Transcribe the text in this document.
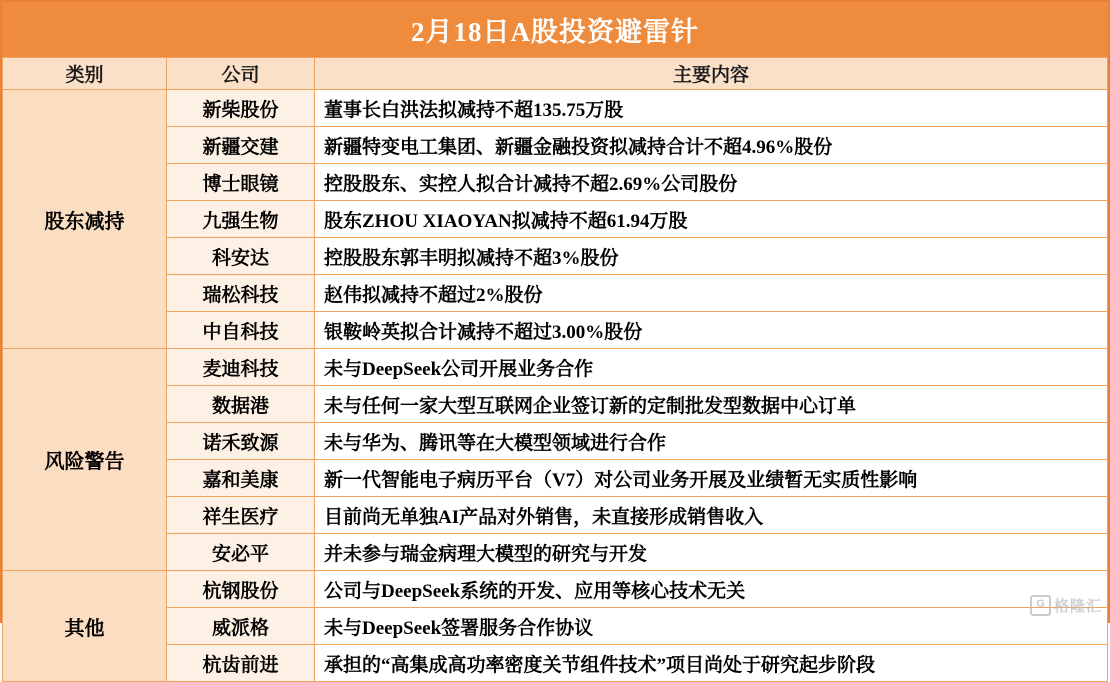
2月18日A股投资避雷针
类别	公司	主要内容
股东减持	新柴股份	董事长白洪法拟减持不超135.75万股
	新疆交建	新疆特变电工集团、新疆金融投资拟减持合计不超4.96%股份
	博士眼镜	控股股东、实控人拟合计减持不超2.69%公司股份
	九强生物	股东ZHOU XIAOYAN拟减持不超61.94万股
	科安达	控股股东郭丰明拟减持不超3%股份
	瑞松科技	赵伟拟减持不超过2%股份
	中自科技	银鞍岭英拟合计减持不超过3.00%股份
风险警告	麦迪科技	未与DeepSeek公司开展业务合作
	数据港	未与任何一家大型互联网企业签订新的定制批发型数据中心订单
	诺禾致源	未与华为、腾讯等在大模型领域进行合作
	嘉和美康	新一代智能电子病历平台（V7）对公司业务开展及业绩暂无实质性影响
	祥生医疗	目前尚无单独AI产品对外销售，未直接形成销售收入
	安必平	并未参与瑞金病理大模型的研究与开发
其他	杭钢股份	公司与DeepSeek系统的开发、应用等核心技术无关
	威派格	未与DeepSeek签署服务合作协议
	杭齿前进	承担的“高集成高功率密度关节组件技术”项目尚处于研究起步阶段
G 格隆汇
